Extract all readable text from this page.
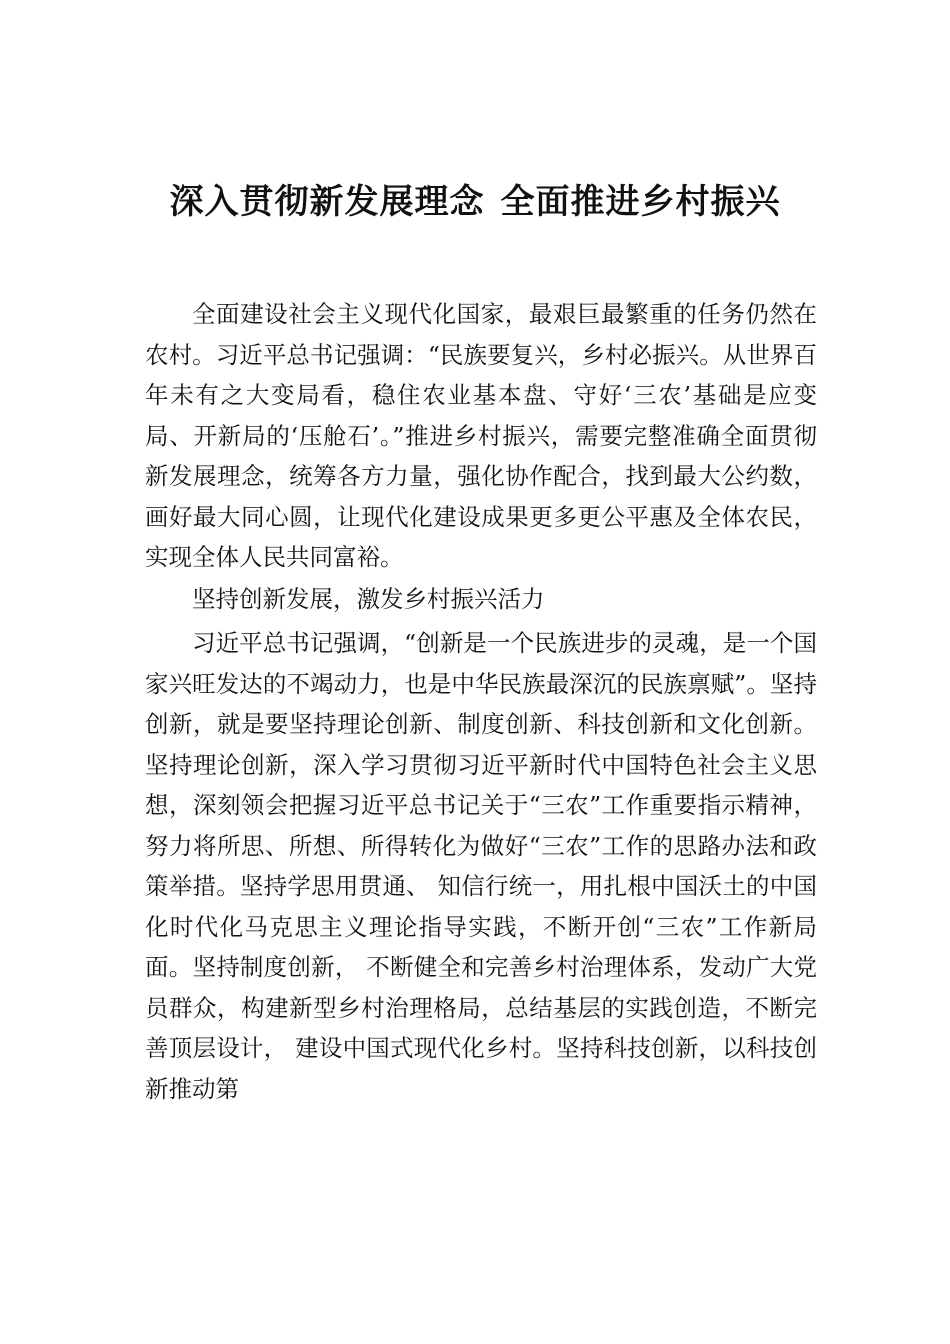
深入贯彻新发展理念 全面推进乡村振兴

全面建设社会主义现代化国家，最艰巨最繁重的任务仍然在农村。习近平总书记强调：“民族要复兴，乡村必振兴。从世界百年未有之大变局看，稳住农业基本盘、守好‘三农’基础是应变局、开新局的‘压舱石’。”推进乡村振兴，需要完整准确全面贯彻新发展理念，统筹各方力量，强化协作配合，找到最大公约数，画好最大同心圆，让现代化建设成果更多更公平惠及全体农民，实现全体人民共同富裕。

坚持创新发展，激发乡村振兴活力

习近平总书记强调，“创新是一个民族进步的灵魂，是一个国家兴旺发达的不竭动力，也是中华民族最深沉的民族禀赋”。坚持创新，就是要坚持理论创新、制度创新、科技创新和文化创新。坚持理论创新，深入学习贯彻习近平新时代中国特色社会主义思想，深刻领会把握习近平总书记关于“三农”工作重要指示精神，努力将所思、所想、所得转化为做好“三农”工作的思路办法和政策举措。坚持学思用贯通、 知信行统一，用扎根中国沃土的中国化时代化马克思主义理论指导实践，不断开创“三农”工作新局面。坚持制度创新， 不断健全和完善乡村治理体系，发动广大党员群众，构建新型乡村治理格局，总结基层的实践创造，不断完善顶层设计， 建设中国式现代化乡村。坚持科技创新，以科技创新推动第
